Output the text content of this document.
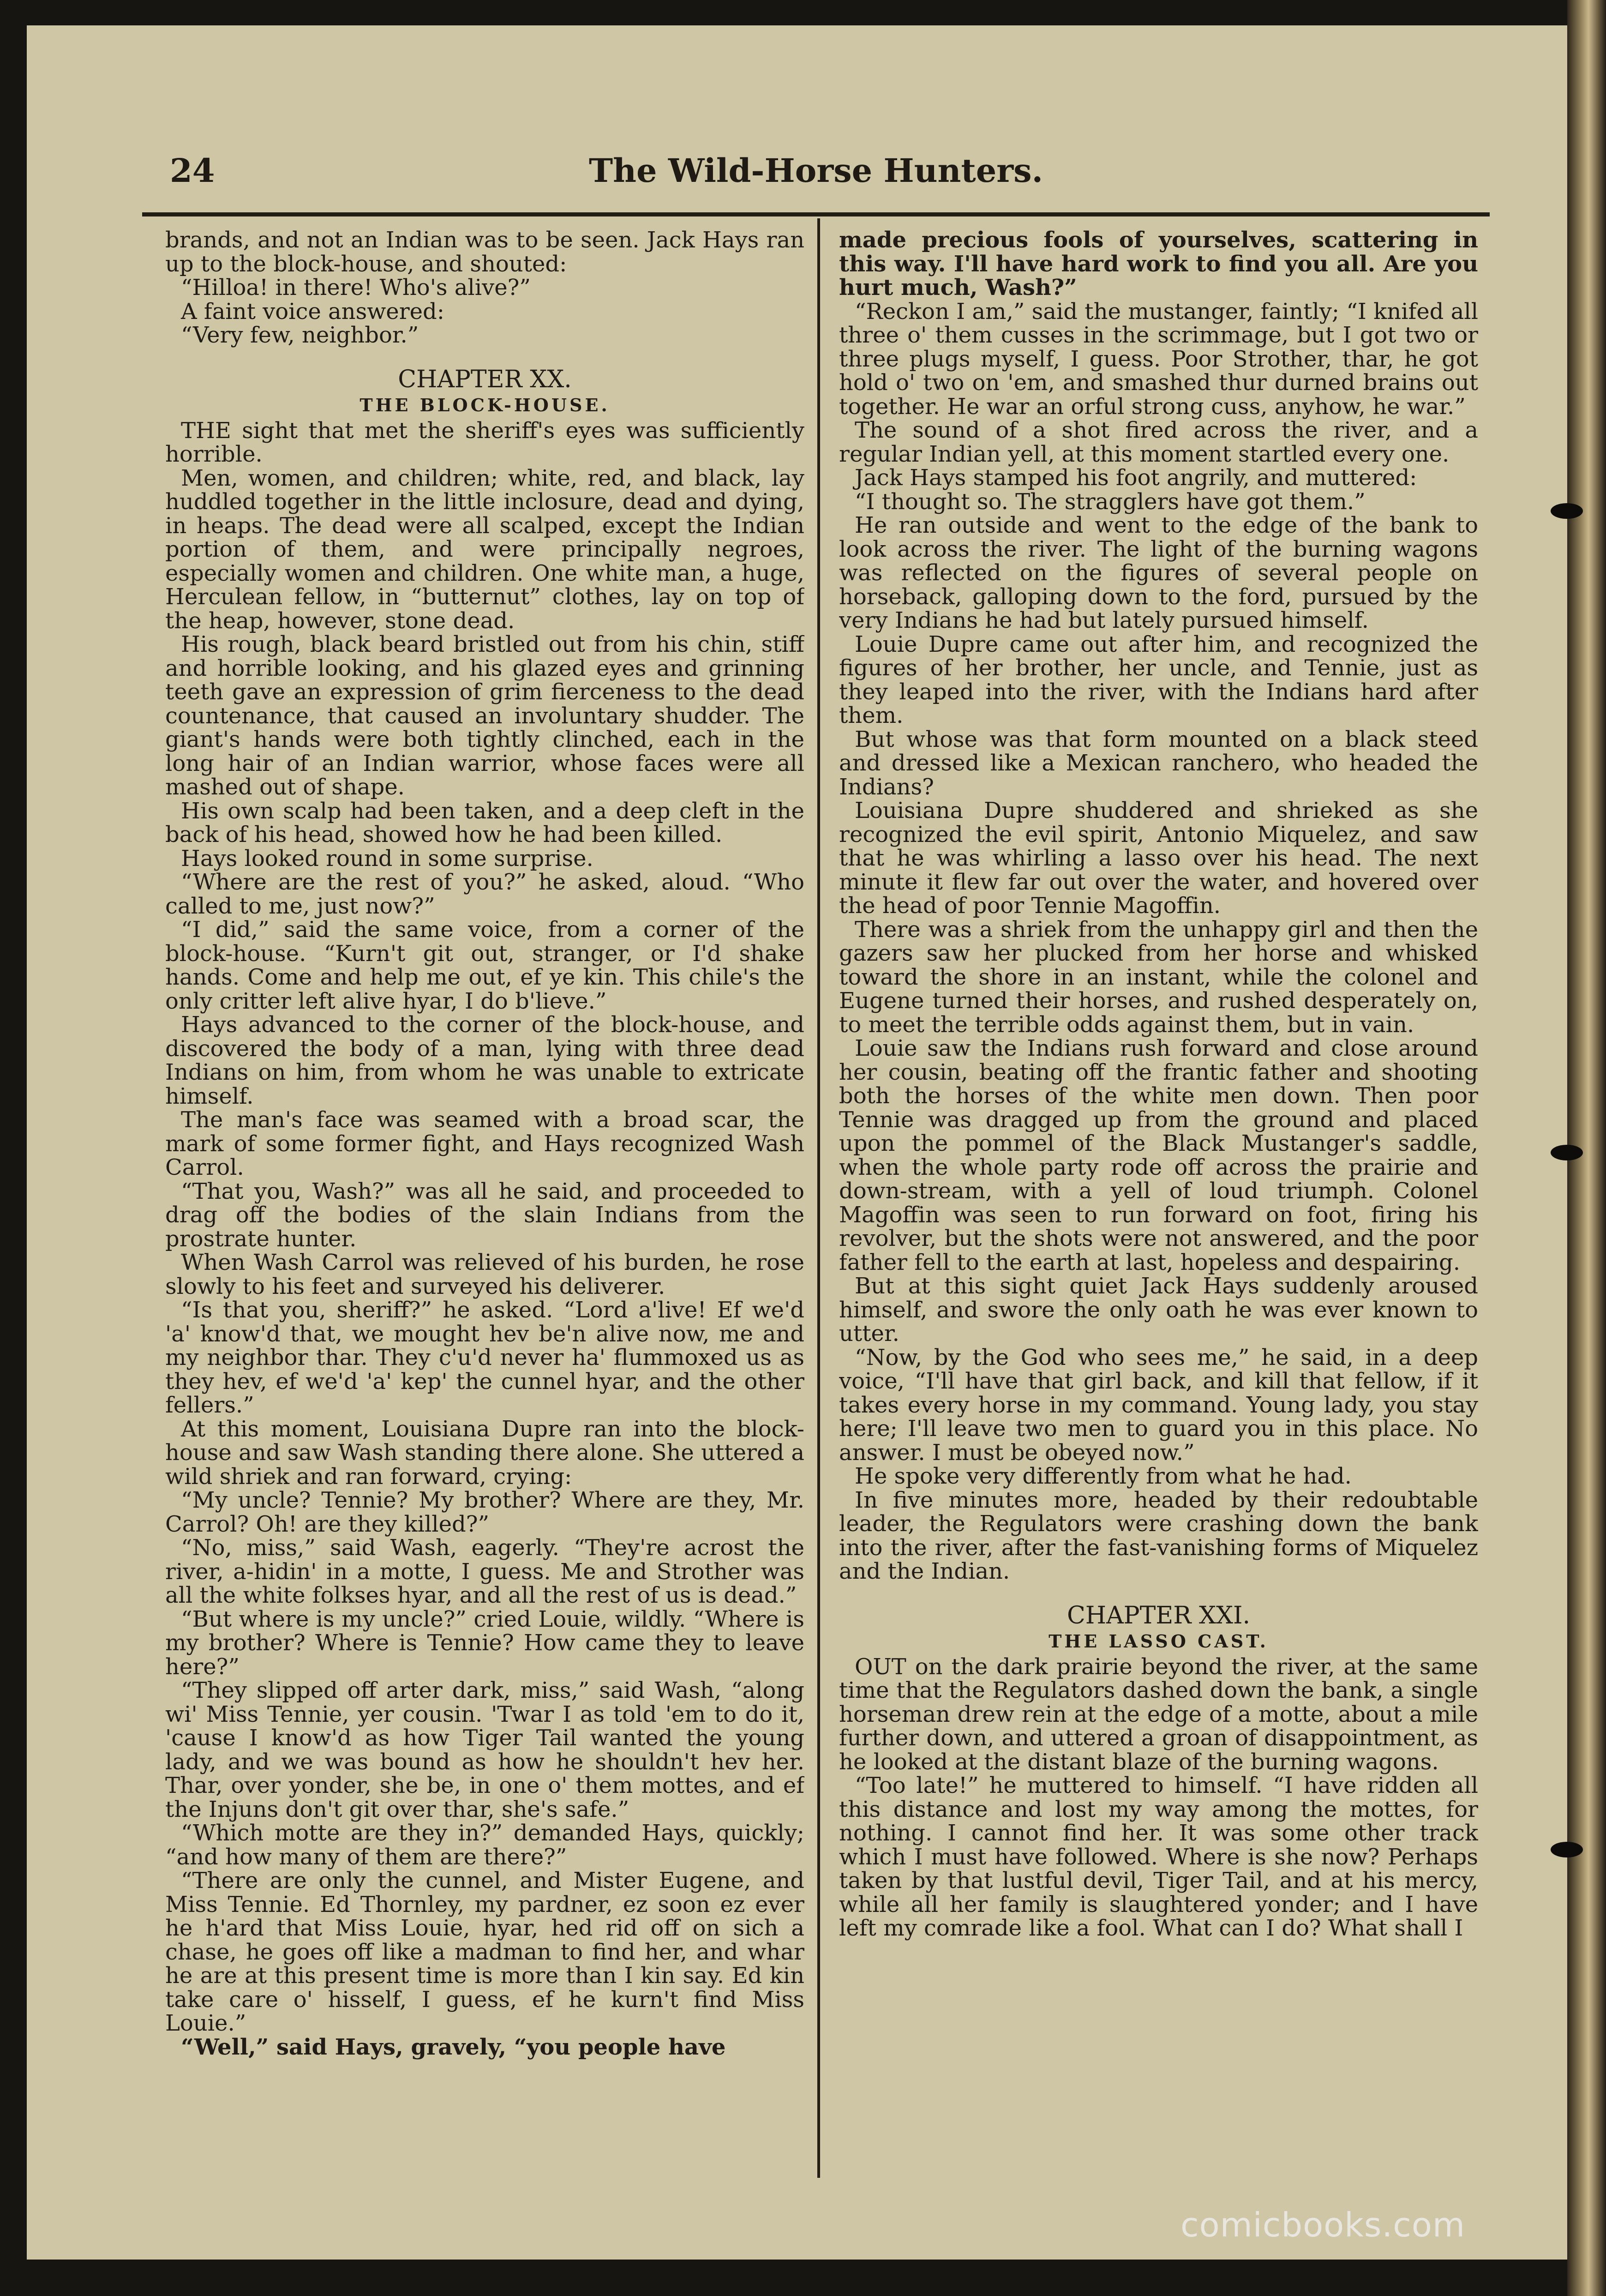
24	The Wild-Horse Hunters.

brands, and not an Indian was to be seen. Jack Hays ran up to the block-house, and shouted:

“Hilloa! in there! Who's alive?”

A faint voice answered:

“Very few, neighbor.”

CHAPTER XX.
THE BLOCK-HOUSE.

THE sight that met the sheriff's eyes was sufficiently horrible.

Men, women, and children; white, red, and black, lay huddled together in the little inclosure, dead and dying, in heaps. The dead were all scalped, except the Indian portion of them, and were principally negroes, especially women and children. One white man, a huge, Herculean fellow, in “butternut” clothes, lay on top of the heap, however, stone dead.

His rough, black beard bristled out from his chin, stiff and horrible looking, and his glazed eyes and grinning teeth gave an expression of grim fierceness to the dead countenance, that caused an involuntary shudder. The giant's hands were both tightly clinched, each in the long hair of an Indian warrior, whose faces were all mashed out of shape.

His own scalp had been taken, and a deep cleft in the back of his head, showed how he had been killed.

Hays looked round in some surprise.

“Where are the rest of you?” he asked, aloud. “Who called to me, just now?”

“I did,” said the same voice, from a corner of the block-house. “Kurn't git out, stranger, or I'd shake hands. Come and help me out, ef ye kin. This chile's the only critter left alive hyar, I do b'lieve.”

Hays advanced to the corner of the block-house, and discovered the body of a man, lying with three dead Indians on him, from whom he was unable to extricate himself.

The man's face was seamed with a broad scar, the mark of some former fight, and Hays recognized Wash Carrol.

“That you, Wash?” was all he said, and proceeded to drag off the bodies of the slain Indians from the prostrate hunter.

When Wash Carrol was relieved of his burden, he rose slowly to his feet and surveyed his deliverer.

“Is that you, sheriff?” he asked. “Lord a'live! Ef we'd 'a' know'd that, we mought hev be'n alive now, me and my neighbor thar. They c'u'd never ha' flummoxed us as they hev, ef we'd 'a' kep' the cunnel hyar, and the other fellers.”

At this moment, Louisiana Dupre ran into the block-house and saw Wash standing there alone. She uttered a wild shriek and ran forward, crying:

“My uncle? Tennie? My brother? Where are they, Mr. Carrol? Oh! are they killed?”

“No, miss,” said Wash, eagerly. “They're acrost the river, a-hidin' in a motte, I guess. Me and Strother was all the white folkses hyar, and all the rest of us is dead.”

“But where is my uncle?” cried Louie, wildly. “Where is my brother? Where is Tennie? How came they to leave here?”

“They slipped off arter dark, miss,” said Wash, “along wi' Miss Tennie, yer cousin. 'Twar I as told 'em to do it, 'cause I know'd as how Tiger Tail wanted the young lady, and we was bound as how he shouldn't hev her. Thar, over yonder, she be, in one o' them mottes, and ef the Injuns don't git over thar, she's safe.”

“Which motte are they in?” demanded Hays, quickly; “and how many of them are there?”

“There are only the cunnel, and Mister Eugene, and Miss Tennie. Ed Thornley, my pardner, ez soon ez ever he h'ard that Miss Louie, hyar, hed rid off on sich a chase, he goes off like a madman to find her, and whar he are at this present time is more than I kin say. Ed kin take care o' hisself, I guess, ef he kurn't find Miss Louie.”

“Well,” said Hays, gravely, “you people have

made precious fools of yourselves, scattering in this way. I'll have hard work to find you all. Are you hurt much, Wash?”

“Reckon I am,” said the mustanger, faintly; “I knifed all three o' them cusses in the scrimmage, but I got two or three plugs myself, I guess. Poor Strother, thar, he got hold o' two on 'em, and smashed thur durned brains out together. He war an orful strong cuss, anyhow, he war.”

The sound of a shot fired across the river, and a regular Indian yell, at this moment startled every one.

Jack Hays stamped his foot angrily, and muttered:

“I thought so. The stragglers have got them.”

He ran outside and went to the edge of the bank to look across the river. The light of the burning wagons was reflected on the figures of several people on horseback, galloping down to the ford, pursued by the very Indians he had but lately pursued himself.

Louie Dupre came out after him, and recognized the figures of her brother, her uncle, and Tennie, just as they leaped into the river, with the Indians hard after them.

But whose was that form mounted on a black steed and dressed like a Mexican ranchero, who headed the Indians?

Louisiana Dupre shuddered and shrieked as she recognized the evil spirit, Antonio Miquelez, and saw that he was whirling a lasso over his head. The next minute it flew far out over the water, and hovered over the head of poor Tennie Magoffin.

There was a shriek from the unhappy girl and then the gazers saw her plucked from her horse and whisked toward the shore in an instant, while the colonel and Eugene turned their horses, and rushed desperately on, to meet the terrible odds against them, but in vain.

Louie saw the Indians rush forward and close around her cousin, beating off the frantic father and shooting both the horses of the white men down. Then poor Tennie was dragged up from the ground and placed upon the pommel of the Black Mustanger's saddle, when the whole party rode off across the prairie and down-stream, with a yell of loud triumph. Colonel Magoffin was seen to run forward on foot, firing his revolver, but the shots were not answered, and the poor father fell to the earth at last, hopeless and despairing.

But at this sight quiet Jack Hays suddenly aroused himself, and swore the only oath he was ever known to utter.

“Now, by the God who sees me,” he said, in a deep voice, “I'll have that girl back, and kill that fellow, if it takes every horse in my command. Young lady, you stay here; I'll leave two men to guard you in this place. No answer. I must be obeyed now.”

He spoke very differently from what he had.

In five minutes more, headed by their redoubtable leader, the Regulators were crashing down the bank into the river, after the fast-vanishing forms of Miquelez and the Indian.

CHAPTER XXI.
THE LASSO CAST.

OUT on the dark prairie beyond the river, at the same time that the Regulators dashed down the bank, a single horseman drew rein at the edge of a motte, about a mile further down, and uttered a groan of disappointment, as he looked at the distant blaze of the burning wagons.

“Too late!” he muttered to himself. “I have ridden all this distance and lost my way among the mottes, for nothing. I cannot find her. It was some other track which I must have followed. Where is she now? Perhaps taken by that lustful devil, Tiger Tail, and at his mercy, while all her family is slaughtered yonder; and I have left my comrade like a fool. What can I do? What shall I

comicbooks.com
